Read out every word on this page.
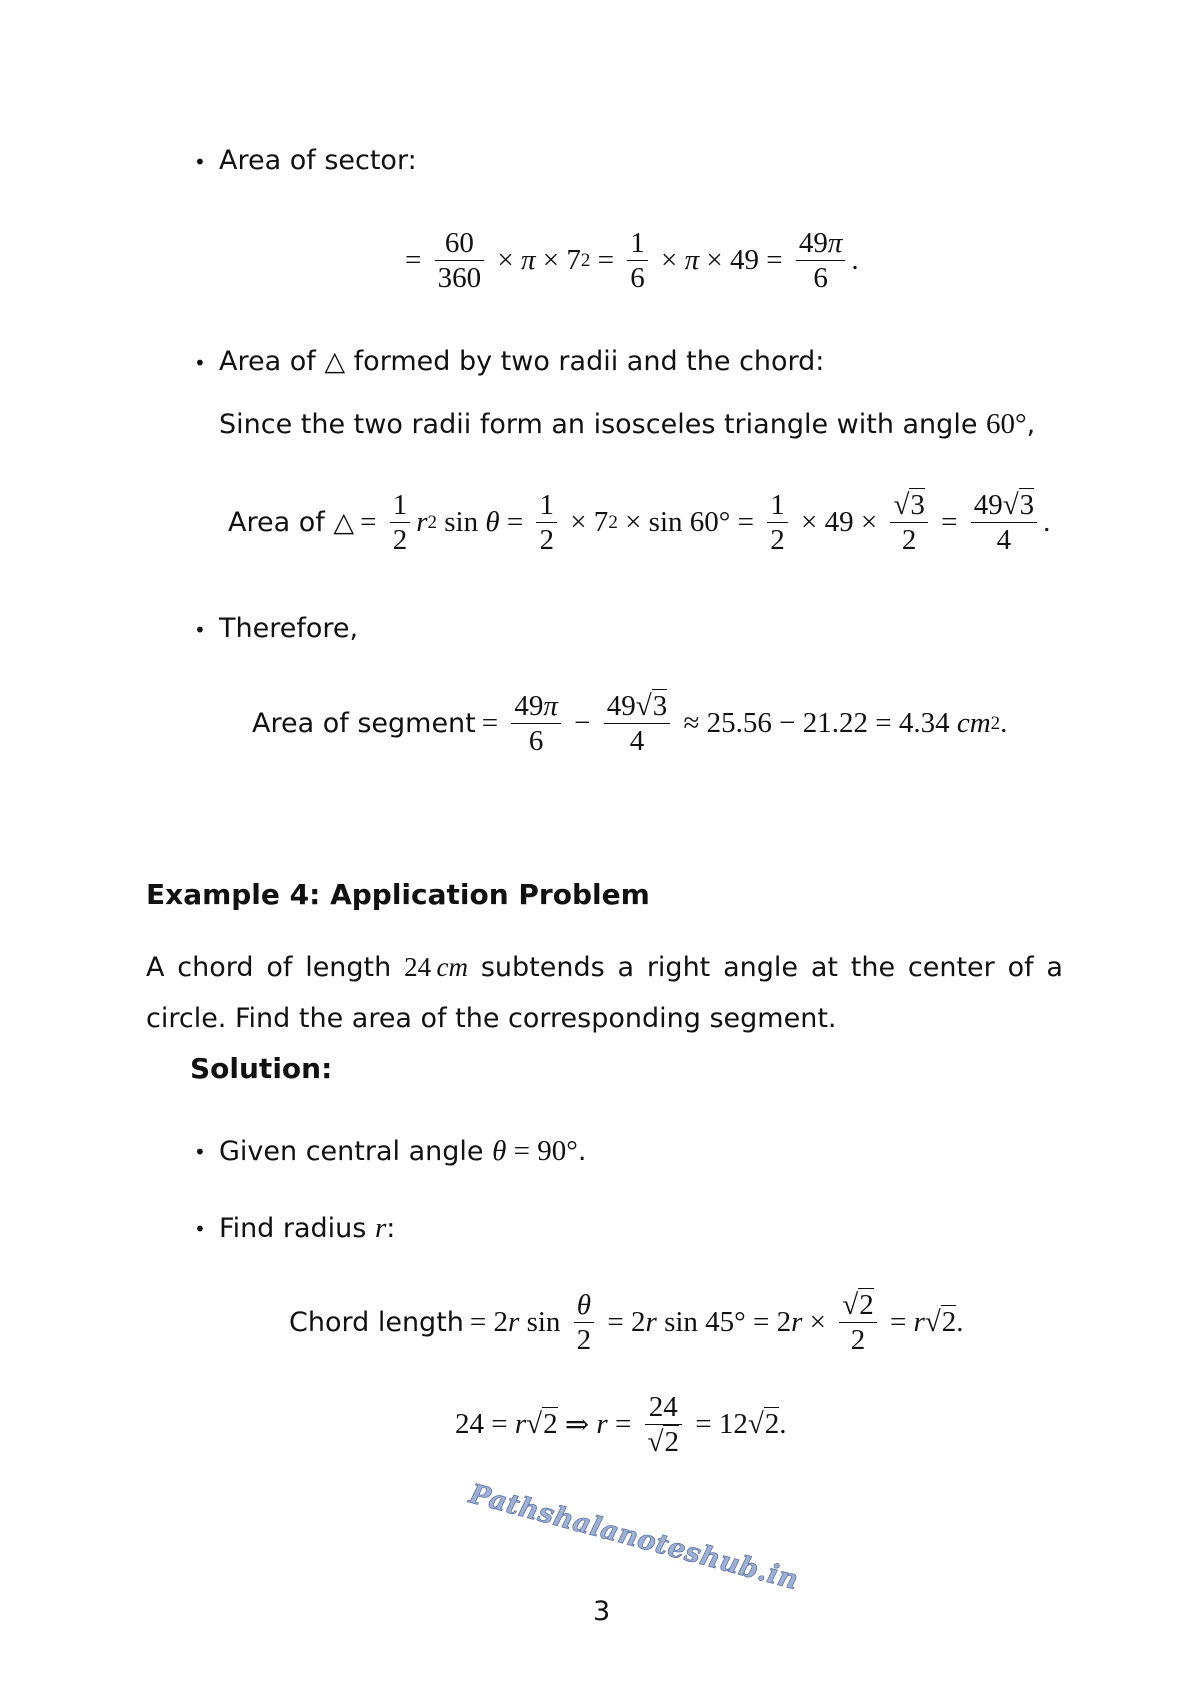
• Area of sector:
= $\frac{60}{360} \times \pi \times 7$ $2 = \frac{1}{6} \times \pi \times 49 = \frac{49\pi}{6}$ .
• Area of △ formed by two radii and the chord:
Since the two radii form an isosceles triangle with angle
60° ,
Area of △ = $\frac{1}{2}$ r 2 $\sin \theta = \frac{1}{2} \times 7$ $2 \times \sin 60^\circ = \frac{1}{2} \times 49 \times \frac{√3}{2} = \frac{49√3}{4}$ .
• Therefore,
Area of segment = $\frac{49\pi}{6} - \frac{49√3}{4} \approx 25.56 - 21.22 = 4.34$ cm 2 .
Example 4: Application Problem
A chord of length 24
  cm subtends a right angle at the center of a
circle. Find the area of the corresponding segment.
Solution:
• Given central angle
θ = 90° .
• Find radius
r :
Chord length = 2 r $\sin \frac{\theta}{2} = 2$ r sin 45° = 2 $r \times \frac{√2}{2} = r$ √2 .
24 = r √2 ⇒ $r = \frac{24}{√2} = 12$ √2 .
Pathshalanoteshub.in
3
